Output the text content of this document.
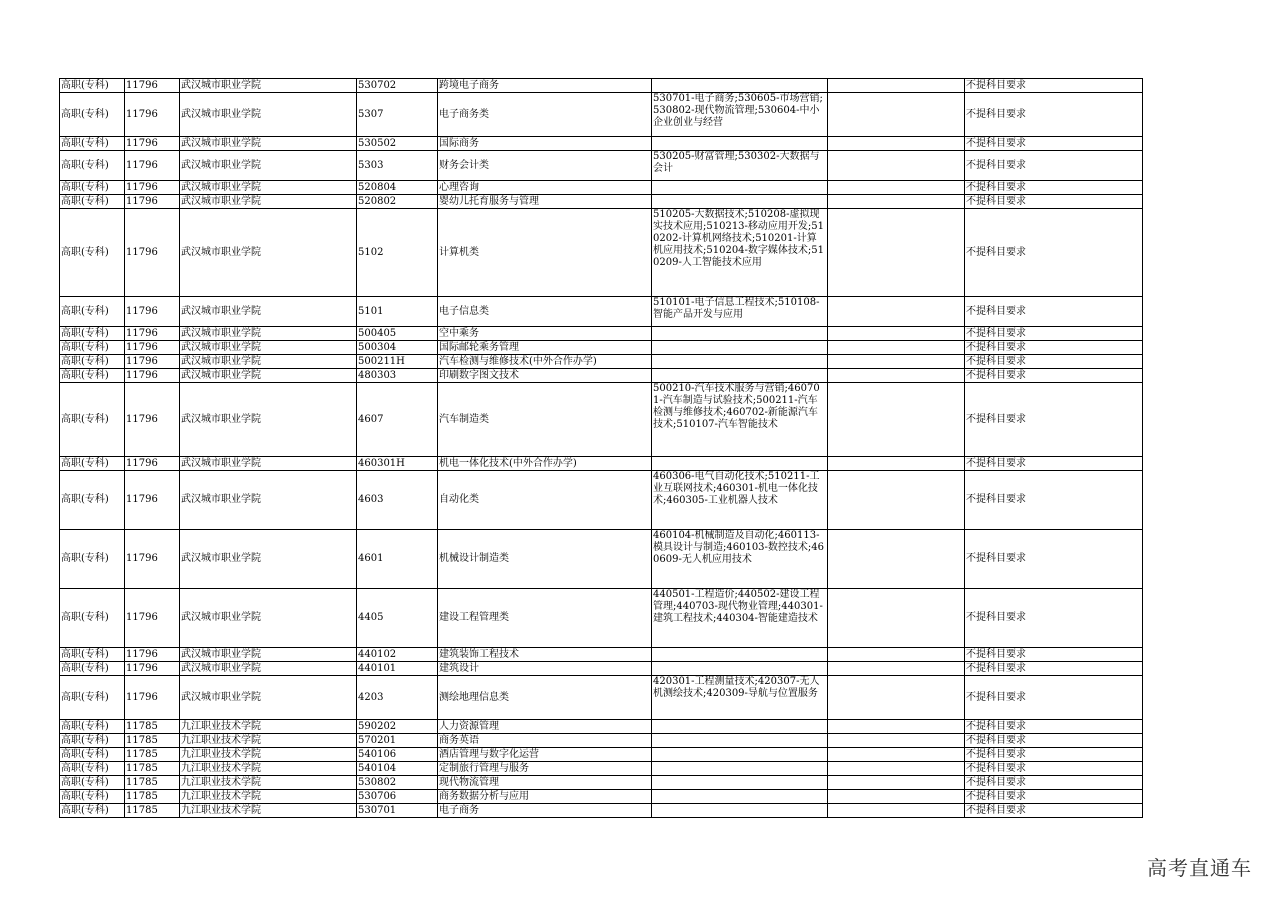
高职(专科)	11796	武汉城市职业学院	530702	跨境电子商务			不提科目要求
高职(专科)	11796	武汉城市职业学院	5307	电子商务类	530701-电子商务;530605-市场营销;530802-现代物流管理;530604-中小企业创业与经营		不提科目要求
高职(专科)	11796	武汉城市职业学院	530502	国际商务			不提科目要求
高职(专科)	11796	武汉城市职业学院	5303	财务会计类	530205-财富管理;530302-大数据与会计		不提科目要求
高职(专科)	11796	武汉城市职业学院	520804	心理咨询			不提科目要求
高职(专科)	11796	武汉城市职业学院	520802	婴幼儿托育服务与管理			不提科目要求
高职(专科)	11796	武汉城市职业学院	5102	计算机类	510205-大数据技术;510208-虚拟现实技术应用;510213-移动应用开发;510202-计算机网络技术;510201-计算机应用技术;510204-数字媒体技术;510209-人工智能技术应用		不提科目要求
高职(专科)	11796	武汉城市职业学院	5101	电子信息类	510101-电子信息工程技术;510108-智能产品开发与应用		不提科目要求
高职(专科)	11796	武汉城市职业学院	500405	空中乘务			不提科目要求
高职(专科)	11796	武汉城市职业学院	500304	国际邮轮乘务管理			不提科目要求
高职(专科)	11796	武汉城市职业学院	500211H	汽车检测与维修技术(中外合作办学)			不提科目要求
高职(专科)	11796	武汉城市职业学院	480303	印刷数字图文技术			不提科目要求
高职(专科)	11796	武汉城市职业学院	4607	汽车制造类	500210-汽车技术服务与营销;460701-汽车制造与试验技术;500211-汽车检测与维修技术;460702-新能源汽车技术;510107-汽车智能技术		不提科目要求
高职(专科)	11796	武汉城市职业学院	460301H	机电一体化技术(中外合作办学)			不提科目要求
高职(专科)	11796	武汉城市职业学院	4603	自动化类	460306-电气自动化技术;510211-工业互联网技术;460301-机电一体化技术;460305-工业机器人技术		不提科目要求
高职(专科)	11796	武汉城市职业学院	4601	机械设计制造类	460104-机械制造及自动化;460113-模具设计与制造;460103-数控技术;460609-无人机应用技术		不提科目要求
高职(专科)	11796	武汉城市职业学院	4405	建设工程管理类	440501-工程造价;440502-建设工程管理;440703-现代物业管理;440301-建筑工程技术;440304-智能建造技术		不提科目要求
高职(专科)	11796	武汉城市职业学院	440102	建筑装饰工程技术			不提科目要求
高职(专科)	11796	武汉城市职业学院	440101	建筑设计			不提科目要求
高职(专科)	11796	武汉城市职业学院	4203	测绘地理信息类	420301-工程测量技术;420307-无人机测绘技术;420309-导航与位置服务		不提科目要求
高职(专科)	11785	九江职业技术学院	590202	人力资源管理			不提科目要求
高职(专科)	11785	九江职业技术学院	570201	商务英语			不提科目要求
高职(专科)	11785	九江职业技术学院	540106	酒店管理与数字化运营			不提科目要求
高职(专科)	11785	九江职业技术学院	540104	定制旅行管理与服务			不提科目要求
高职(专科)	11785	九江职业技术学院	530802	现代物流管理			不提科目要求
高职(专科)	11785	九江职业技术学院	530706	商务数据分析与应用			不提科目要求
高职(专科)	11785	九江职业技术学院	530701	电子商务			不提科目要求
高考直通车
